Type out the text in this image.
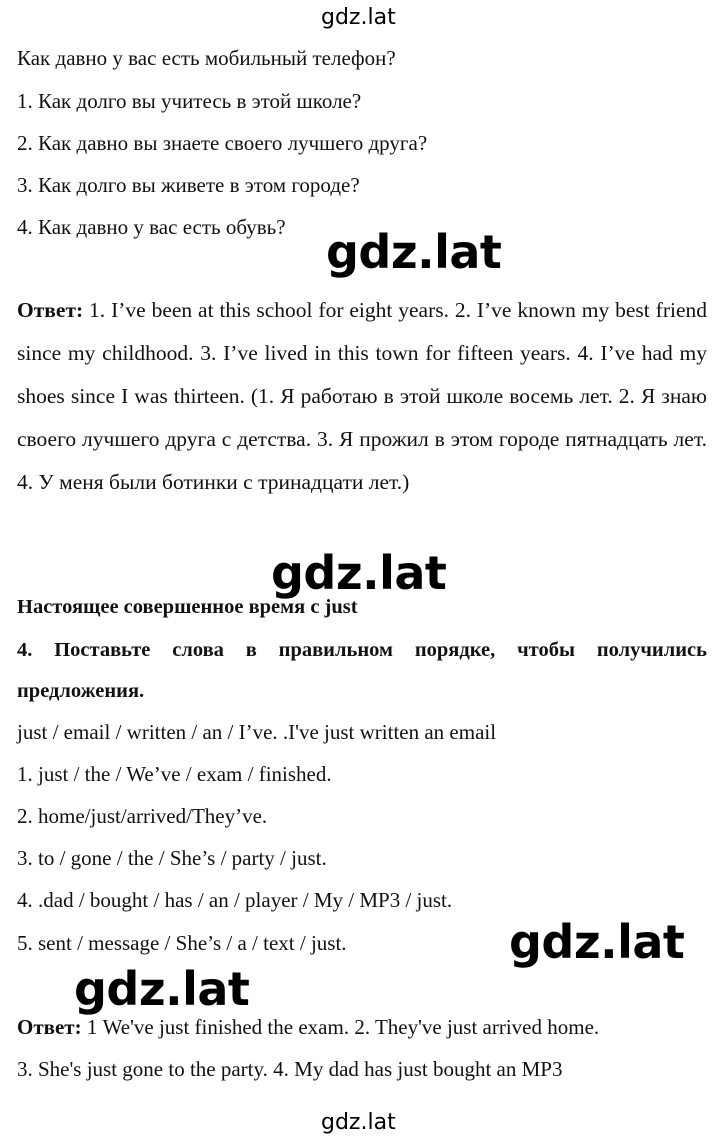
gdz.lat
Как давно у вас есть мобильный телефон?
1. Как долго вы учитесь в этой школе?
2. Как давно вы знаете своего лучшего друга?
3. Как долго вы живете в этом городе?
4. Как давно у вас есть обувь? gdz.lat
Ответ: 1. I’ve been at this school for eight years. 2. I’ve known my best friend since my childhood. 3. I’ve lived in this town for fifteen years. 4. I’ve had my shoes since I was thirteen. (1. Я работаю в этой школе восемь лет. 2. Я знаю своего лучшего друга с детства. 3. Я прожил в этом городе пятнадцать лет. 4. У меня были ботинки с тринадцати лет.)
gdz.lat
Настоящее совершенное время с just
4. Поставьте слова в правильном порядке, чтобы получились предложения.
just / email / written / an / I’ve. .I've just written an email
1. just / the / We’ve / exam / finished.
2. home/just/arrived/They’ve.
3. to / gone / the / She’s / party / just.
4. .dad / bought / has / an / player / My / MP3 / just.
5. sent / message / She’s / a / text / just.	gdz.lat
gdz.lat
Ответ: 1 We've just finished the exam. 2. They've just arrived home.
3. She's just gone to the party. 4. My dad has just bought an MP3
gdz.lat
